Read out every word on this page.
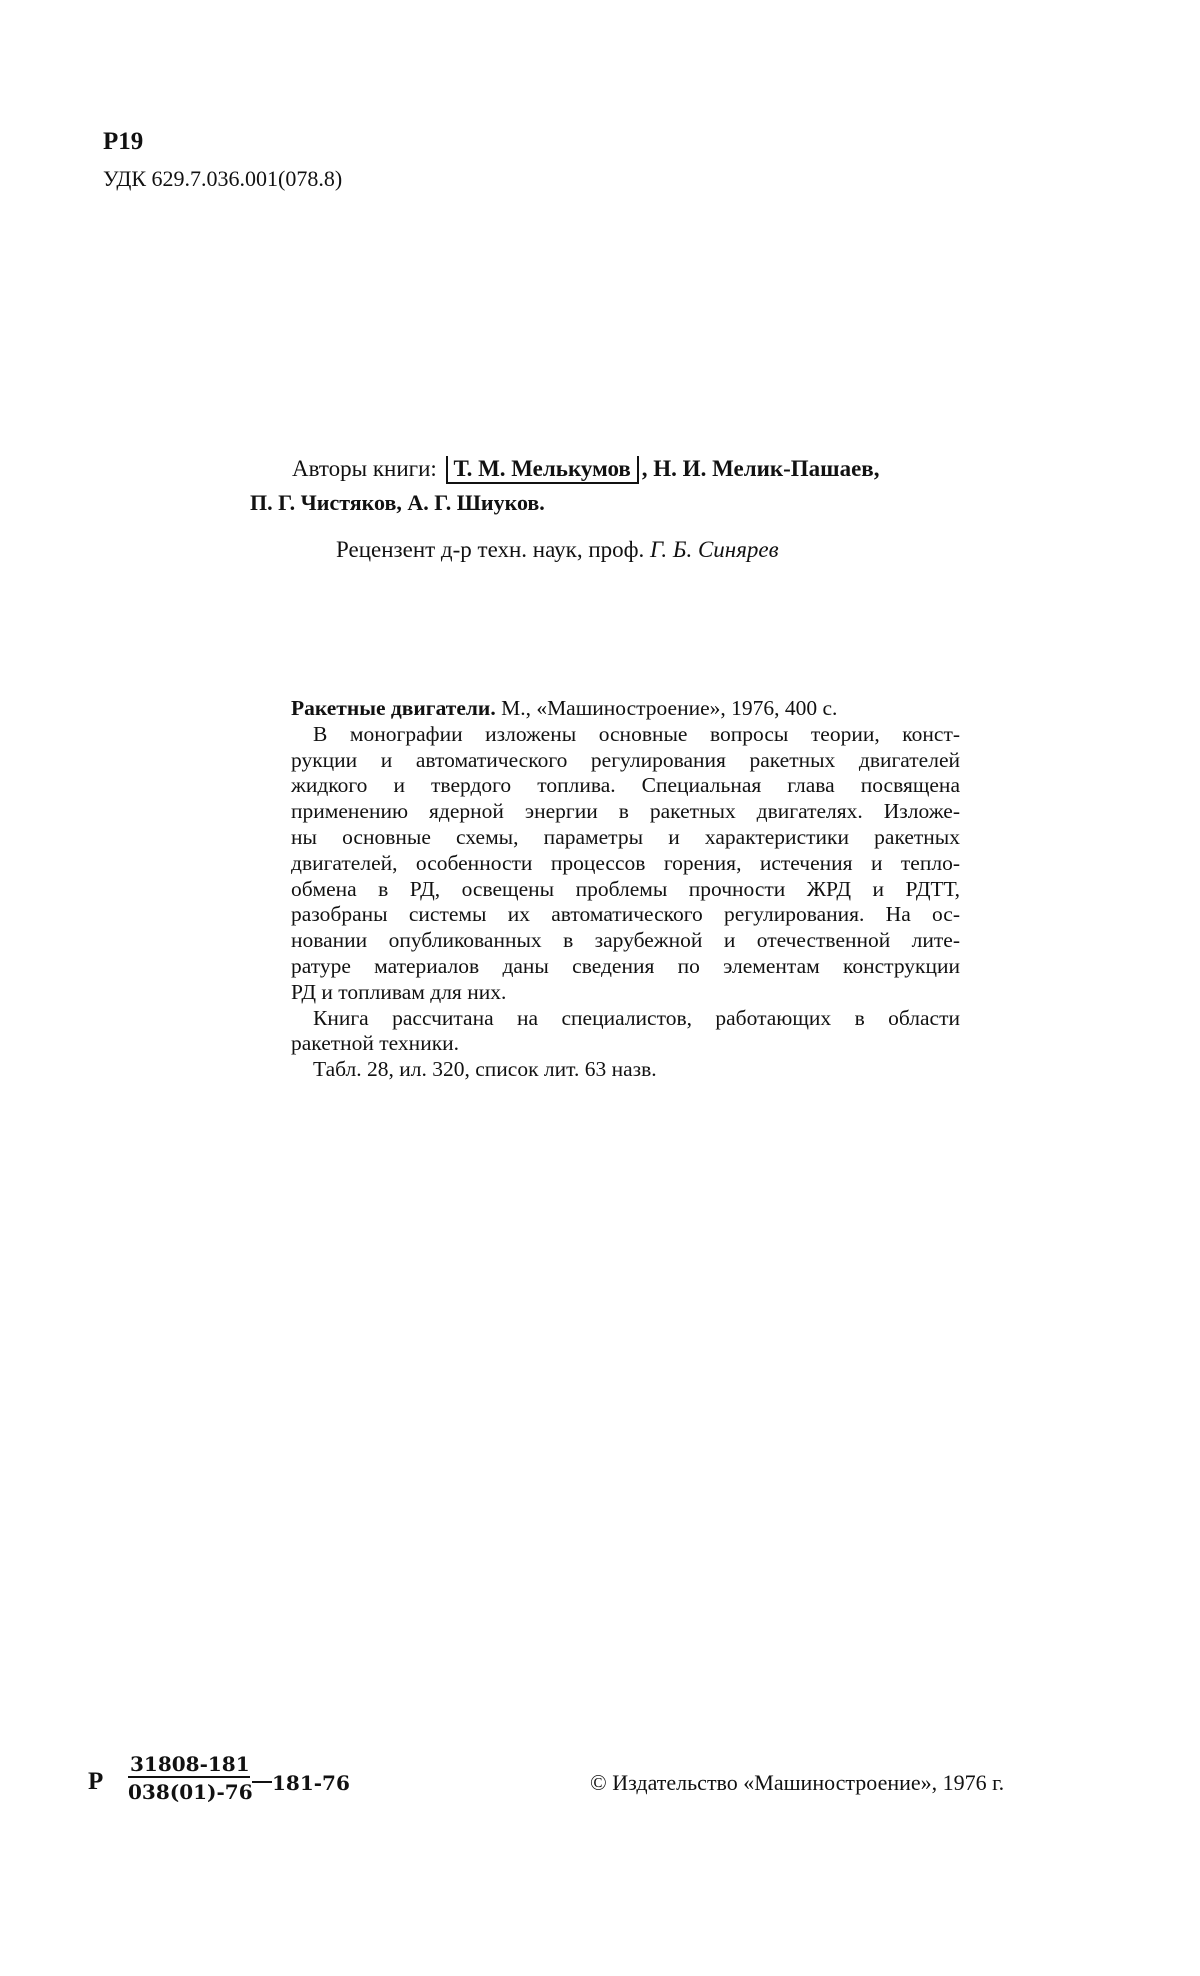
Р19
УДК 629.7.036.001(078.8)
Авторы книги: Т. М. Мелькумов , Н. И. Мелик-Пашаев,
П. Г. Чистяков, А. Г. Шиуков.
Рецензент д-р техн. наук, проф. Г. Б. Синярев

Ракетные двигатели. М., «Машиностроение», 1976, 400 с.

В монографии изложены основные вопросы теории, конст-

рукции и автоматического регулирования ракетных двигателей

жидкого и твердого топлива. Специальная глава посвящена

применению ядерной энергии в ракетных двигателях. Изложе-

ны основные схемы, параметры и характеристики ракетных

двигателей, особенности процессов горения, истечения и тепло-

обмена в РД, освещены проблемы прочности ЖРД и РДТТ,

разобраны системы их автоматического регулирования. На ос-

новании опубликованных в зарубежной и отечественной лите-

ратуре материалов даны сведения по элементам конструкции

РД и топливам для них.

Книга рассчитана на специалистов, работающих в области

ракетной техники.

Табл. 28, ил. 320, список лит. 63 назв.

Р $\frac{31808-181}{038(01)-76} 181-76$	© Издательство «Машиностроение», 1976 г.
